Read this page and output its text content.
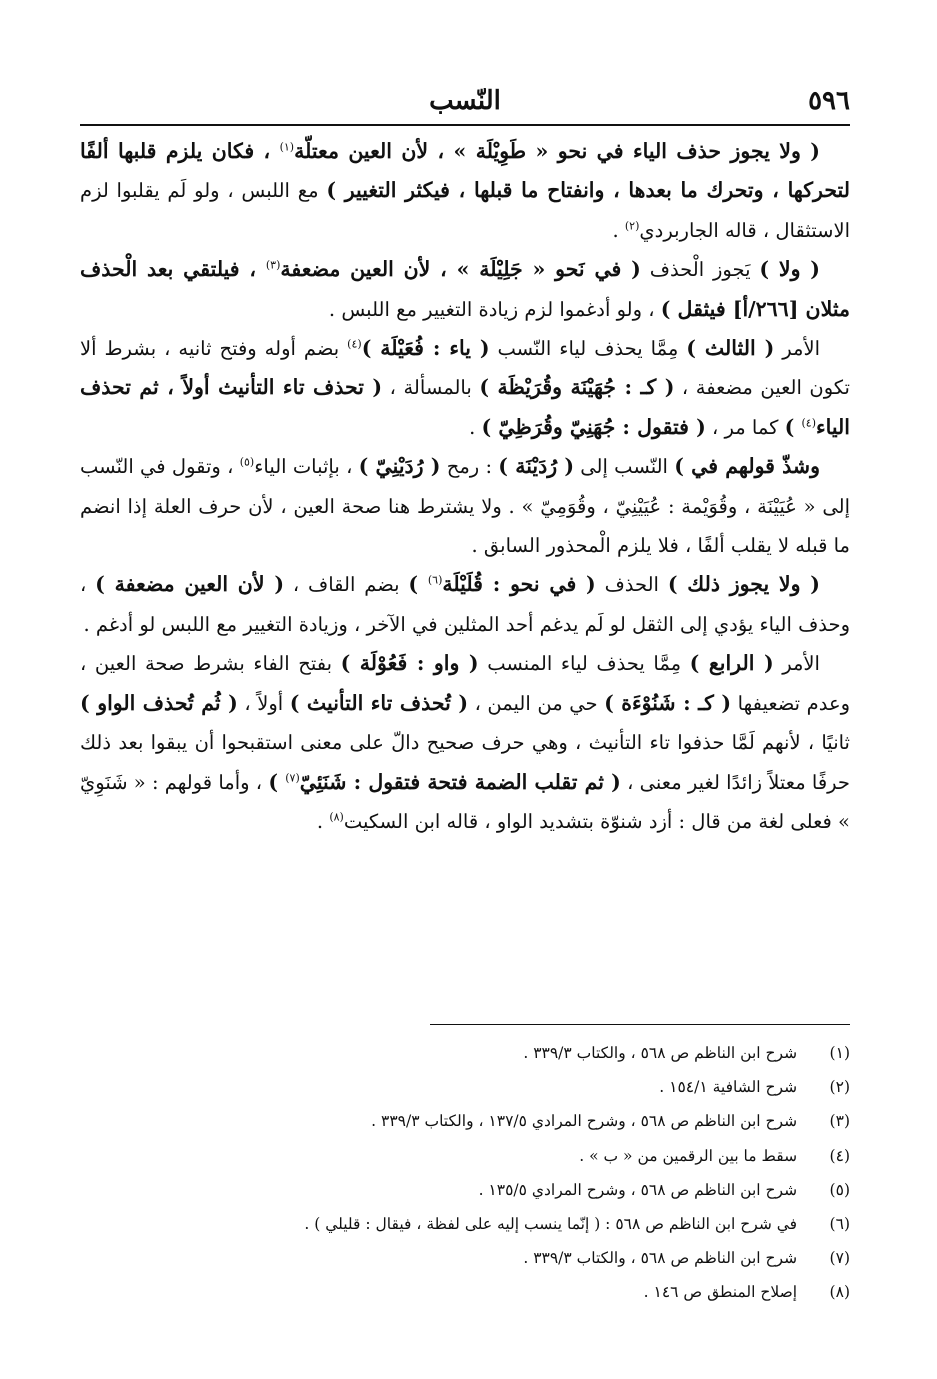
٥٩٦
النّسب

( ولا يجوز حذف الياء في نحو « طَوِيْلَة » ، لأن العين معتلّة$^{(١)}$ ، فكان يلزم قلبها ألفًا لتحركها ، وتحرك ما بعدها ، وانفتاح ما قبلها ، فيكثر التغيير ) مع اللبس ، ولو لَم يقلبوا لزم الاستثقال ، قاله الجاربردي$^{(٢)}$ .

( ولا ) يَجوز الْحذف ( في نَحو « جَلِيْلَة » ، لأن العين مضعفة$^{(٣)}$ ، فيلتقي بعد الْحذف مثلان [٢٦٦/أ] فيثقل ) ، ولو أدغموا لزم زيادة التغيير مع اللبس .

الأمر ( الثالث ) مِمَّا يحذف لياء النّسب ( ياء : فُعَيْلَة )$^{(٤)}$ بضم أوله وفتح ثانيه ، بشرط ألا تكون العين مضعفة ، ( كـ : جُهَيْنَة وقُرَيْظَة ) بالمسألة ، ( تحذف تاء التأنيث أولاً ، ثم تحذف الياء$^{(٤)}$ ) كما مر ، ( فتقول : جُهَنِيّ وقُرَظِيّ ) .

وشذّ قولهم في ) النّسب إلى ( رُدَيْنَة ) : رمح ( رُدَيْنِيّ ) ، بإثبات الياء$^{(٥)}$ ، وتقول في النّسب إلى « عُيَيْنَة ، وقُوَيْمة : عُيَيْنِيّ ، وقُوَمِيّ » . ولا يشترط هنا صحة العين ، لأن حرف العلة إذا انضم ما قبله لا يقلب ألفًا ، فلا يلزم الْمحذور السابق .

( ولا يجوز ذلك ) الحذف ( في نحو : قُلَيْلَة$^{(٦)}$ ) بضم القاف ، ( لأن العين مضعفة ) ، وحذف الياء يؤدي إلى الثقل لو لَم يدغم أحد المثلين في الآخر ، وزيادة التغيير مع اللبس لو أدغم .

الأمر ( الرابع ) مِمَّا يحذف لياء المنسب ( واو : فَعُوْلَة ) بفتح الفاء بشرط صحة العين ، وعدم تضعيفها ( كـ : شَنُوْءَة ) حي من اليمن ، ( تُحذف تاء التأنيث ) أولاً ، ( ثُم تُحذف الواو ) ثانيًا ، لأنهم لَمَّا حذفوا تاء التأنيث ، وهي حرف صحيح دالّ على معنى استقبحوا أن يبقوا بعد ذلك حرفًا معتلاً زائدًا لغير معنى ، ( ثم تقلب الضمة فتحة فتقول : شَنَئِيّ$^{(٧)}$ ) ، وأما قولهم : « شَنَوِيّ » فعلى لغة من قال : أزد شنوّة بتشديد الواو ، قاله ابن السكيت$^{(٨)}$ .

(١) شرح ابن الناظم ص ٥٦٨ ، والكتاب ٣٣٩/٣ .
(٢) شرح الشافية ١٥٤/١ .
(٣) شرح ابن الناظم ص ٥٦٨ ، وشرح المرادي ١٣٧/٥ ، والكتاب ٣٣٩/٣ .
(٤) سقط ما بين الرقمين من « ب » .
(٥) شرح ابن الناظم ص ٥٦٨ ، وشرح المرادي ١٣٥/٥ .
(٦) في شرح ابن الناظم ص ٥٦٨ : ( إنّما ينسب إليه على لفظة ، فيقال : قليلي ) .
(٧) شرح ابن الناظم ص ٥٦٨ ، والكتاب ٣٣٩/٣ .
(٨) إصلاح المنطق ص ١٤٦ .
